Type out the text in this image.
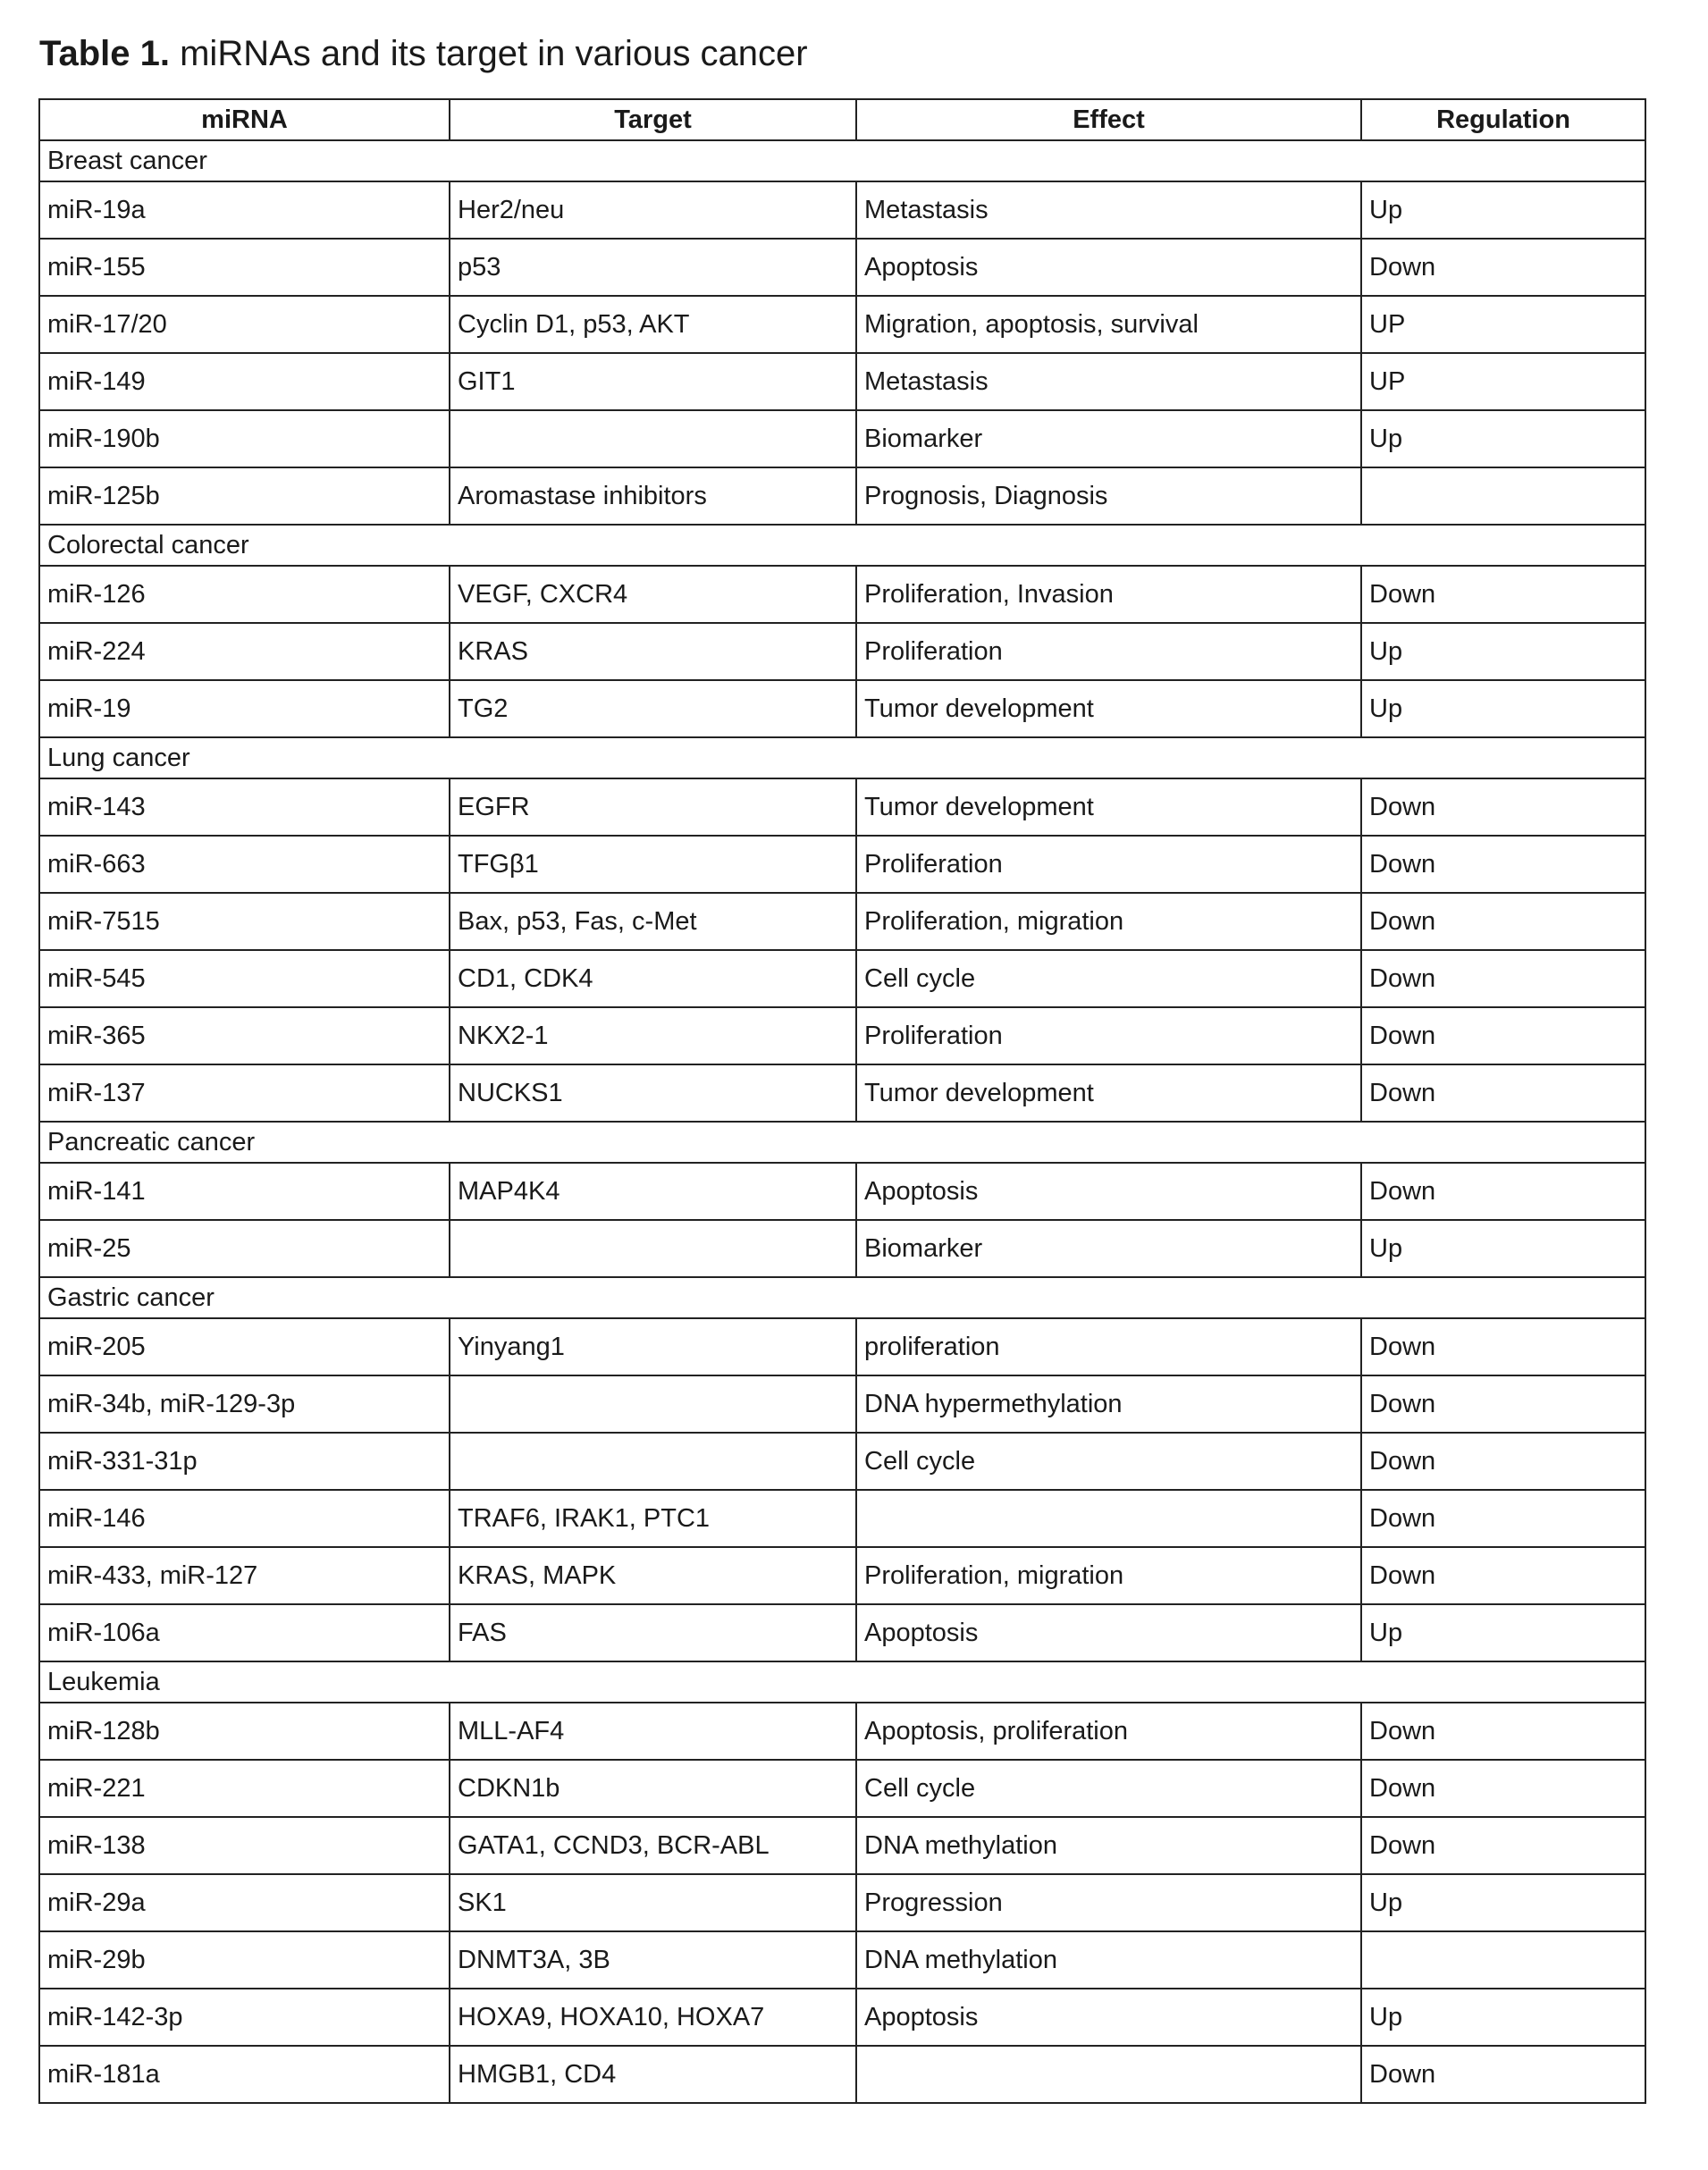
Table 1. miRNAs and its target in various cancer
miRNA	Target	Effect	Regulation
Breast cancer			
miR-19a	Her2/neu	Metastasis	Up
miR-155	p53	Apoptosis	Down
miR-17/20	Cyclin D1, p53, AKT	Migration, apoptosis, survival	UP
miR-149	GIT1	Metastasis	UP
miR-190b		Biomarker	Up
miR-125b	Aromastase inhibitors	Prognosis, Diagnosis	
Colorectal cancer			
miR-126	VEGF, CXCR4	Proliferation, Invasion	Down
miR-224	KRAS	Proliferation	Up
miR-19	TG2	Tumor development	Up
Lung cancer			
miR-143	EGFR	Tumor development	Down
miR-663	TFGβ1	Proliferation	Down
miR-7515	Bax, p53, Fas, c-Met	Proliferation, migration	Down
miR-545	CD1, CDK4	Cell cycle	Down
miR-365	NKX2-1	Proliferation	Down
miR-137	NUCKS1	Tumor development	Down
Pancreatic cancer			
miR-141	MAP4K4	Apoptosis	Down
miR-25		Biomarker	Up
Gastric cancer			
miR-205	Yinyang1	proliferation	Down
miR-34b, miR-129-3p		DNA hypermethylation	Down
miR-331-31p		Cell cycle	Down
miR-146	TRAF6, IRAK1, PTC1		Down
miR-433, miR-127	KRAS, MAPK	Proliferation, migration	Down
miR-106a	FAS	Apoptosis	Up
Leukemia			
miR-128b	MLL-AF4	Apoptosis, proliferation	Down
miR-221	CDKN1b	Cell cycle	Down
miR-138	GATA1, CCND3, BCR-ABL	DNA methylation	Down
miR-29a	SK1	Progression	Up
miR-29b	DNMT3A, 3B	DNA methylation	
miR-142-3p	HOXA9, HOXA10, HOXA7	Apoptosis	Up
miR-181a	HMGB1, CD4		Down
